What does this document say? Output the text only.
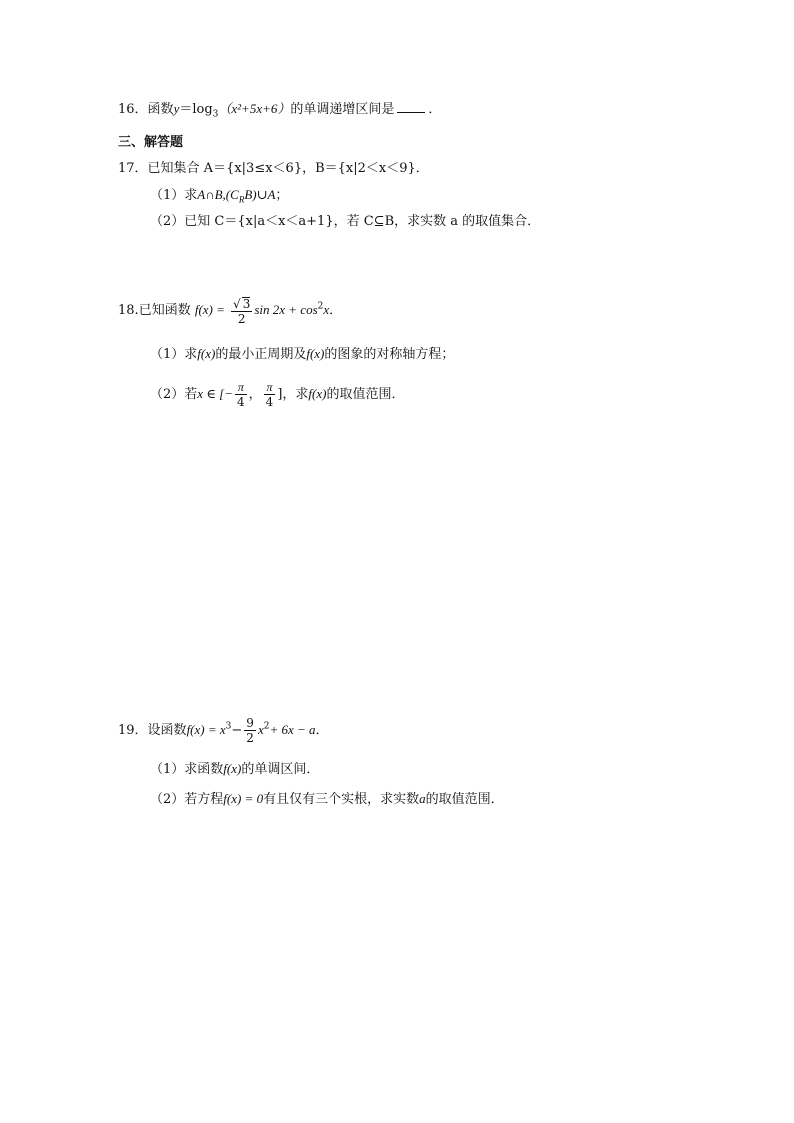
16．函数$y=\log_3(x^2+5x+6)$的单调递增区间是	．
三、解答题
17．已知集合 A＝{x|3≤x＜6}，B＝{x|2＜x＜9}．
（1）求$A\cap B,(C_RB)\cup A$；
（2）已知 C＝{x|a＜x＜a+1}，若 C⊆B，求实数 a 的取值集合．
18.已知函数 $f(x) = \frac{√ 3}{2}$ $\sin 2x + \cos^2x$．
（1）求f(x)的最小正周期及f(x)的图象的对称轴方程；
（2）若x ∈ [− $\frac{\pi}{4}$ ， $\frac{\pi}{4}$ ]，求f(x)的取值范围．
19．设函数$f(x) = x^3- \frac{9}{2} x^2+ 6x - a$．
（1）求函数f(x)的单调区间．
（2）若方程f(x) = 0有且仅有三个实根，求实数a的取值范围．
